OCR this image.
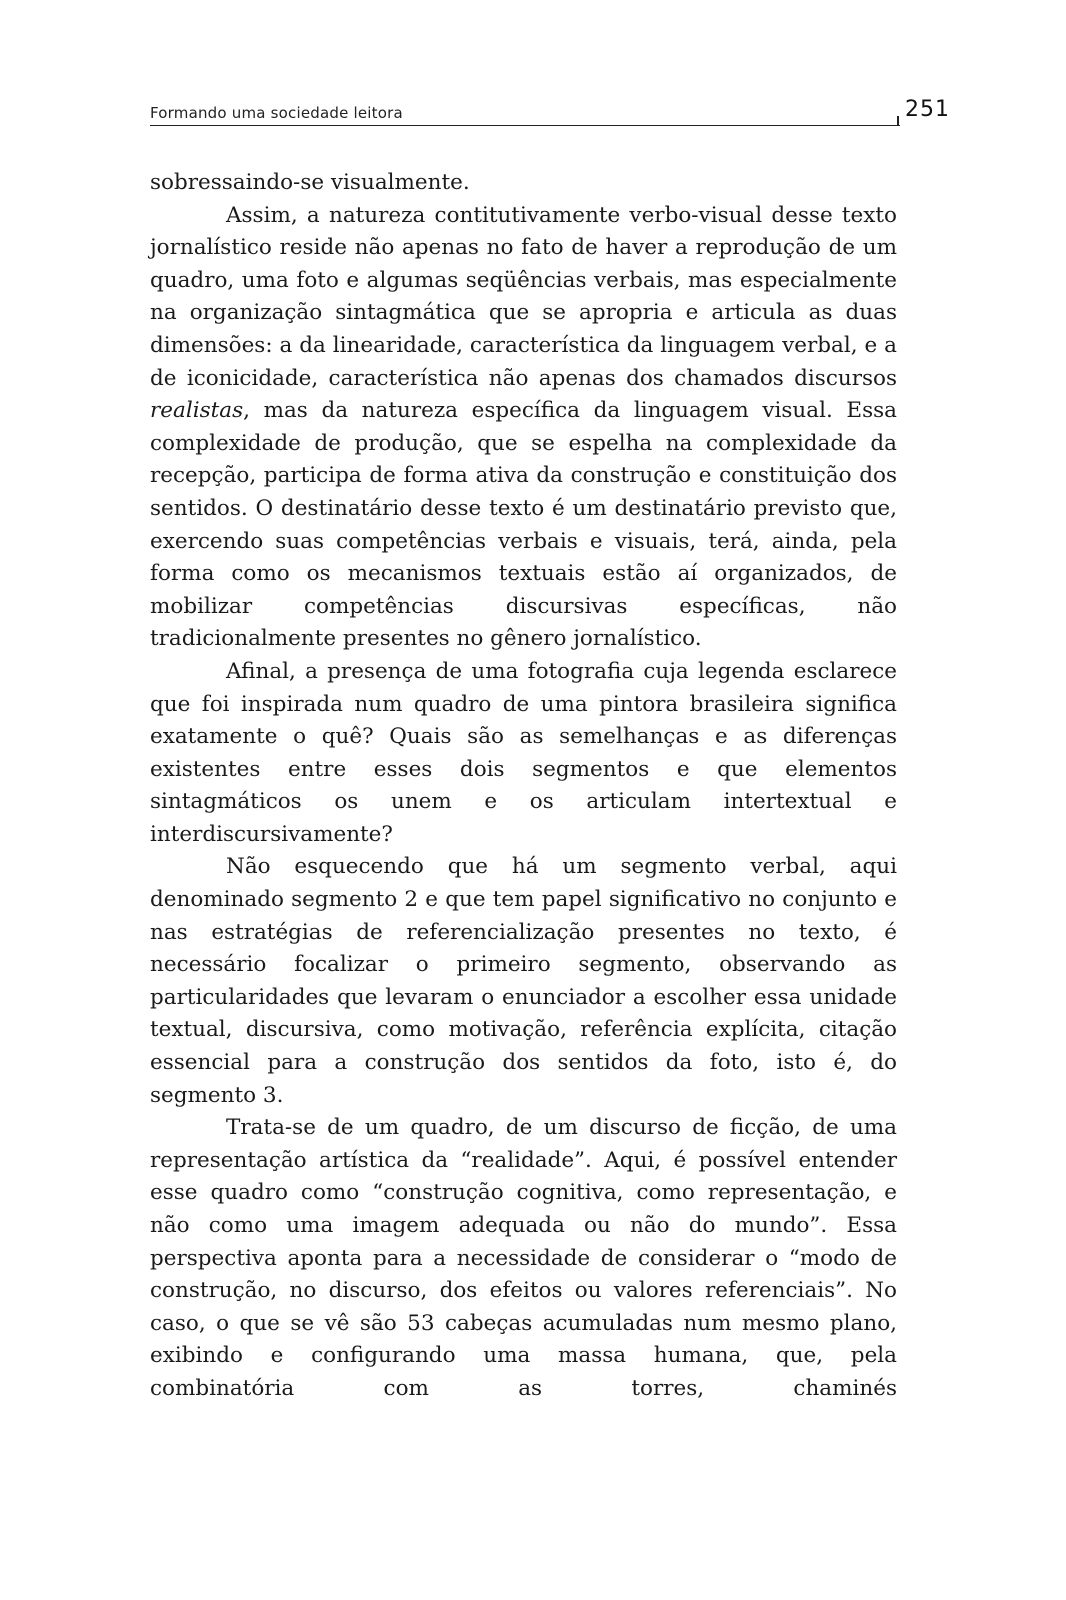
Formando uma sociedade leitora	251

sobressaindo-se visualmente.

Assim, a natureza contitutivamente verbo-visual desse texto jornalístico reside não apenas no fato de haver a reprodução de um quadro, uma foto e algumas seqüências verbais, mas especialmente na organização sintagmática que se apropria e articula as duas dimensões: a da linearidade, característica da linguagem verbal, e a de iconicidade, característica não apenas dos chamados discursos realistas, mas da natureza específica da linguagem visual. Essa complexidade de produção, que se espelha na complexidade da recepção, participa de forma ativa da construção e constituição dos sentidos. O destinatário desse texto é um destinatário previsto que, exercendo suas competências verbais e visuais, terá, ainda, pela forma como os mecanismos textuais estão aí organizados, de mobilizar competências discursivas específicas, não tradicionalmente presentes no gênero jornalístico.

Afinal, a presença de uma fotografia cuja legenda esclarece que foi inspirada num quadro de uma pintora brasileira significa exatamente o quê? Quais são as semelhanças e as diferenças existentes entre esses dois segmentos e que elementos sintagmáticos os unem e os articulam intertextual e interdiscursivamente?

Não esquecendo que há um segmento verbal, aqui denominado segmento 2 e que tem papel significativo no conjunto e nas estratégias de referencialização presentes no texto, é necessário focalizar o primeiro segmento, observando as particularidades que levaram o enunciador a escolher essa unidade textual, discursiva, como motivação, referência explícita, citação essencial para a construção dos sentidos da foto, isto é, do segmento 3.

Trata-se de um quadro, de um discurso de ficção, de uma representação artística da “realidade”. Aqui, é possível entender esse quadro como “construção cognitiva, como representação, e não como uma imagem adequada ou não do mundo”. Essa perspectiva aponta para a necessidade de considerar o “modo de construção, no discurso, dos efeitos ou valores referenciais”. No caso, o que se vê são 53 cabeças acumuladas num mesmo plano, exibindo e configurando uma massa humana, que, pela combinatória com as torres, chaminés
